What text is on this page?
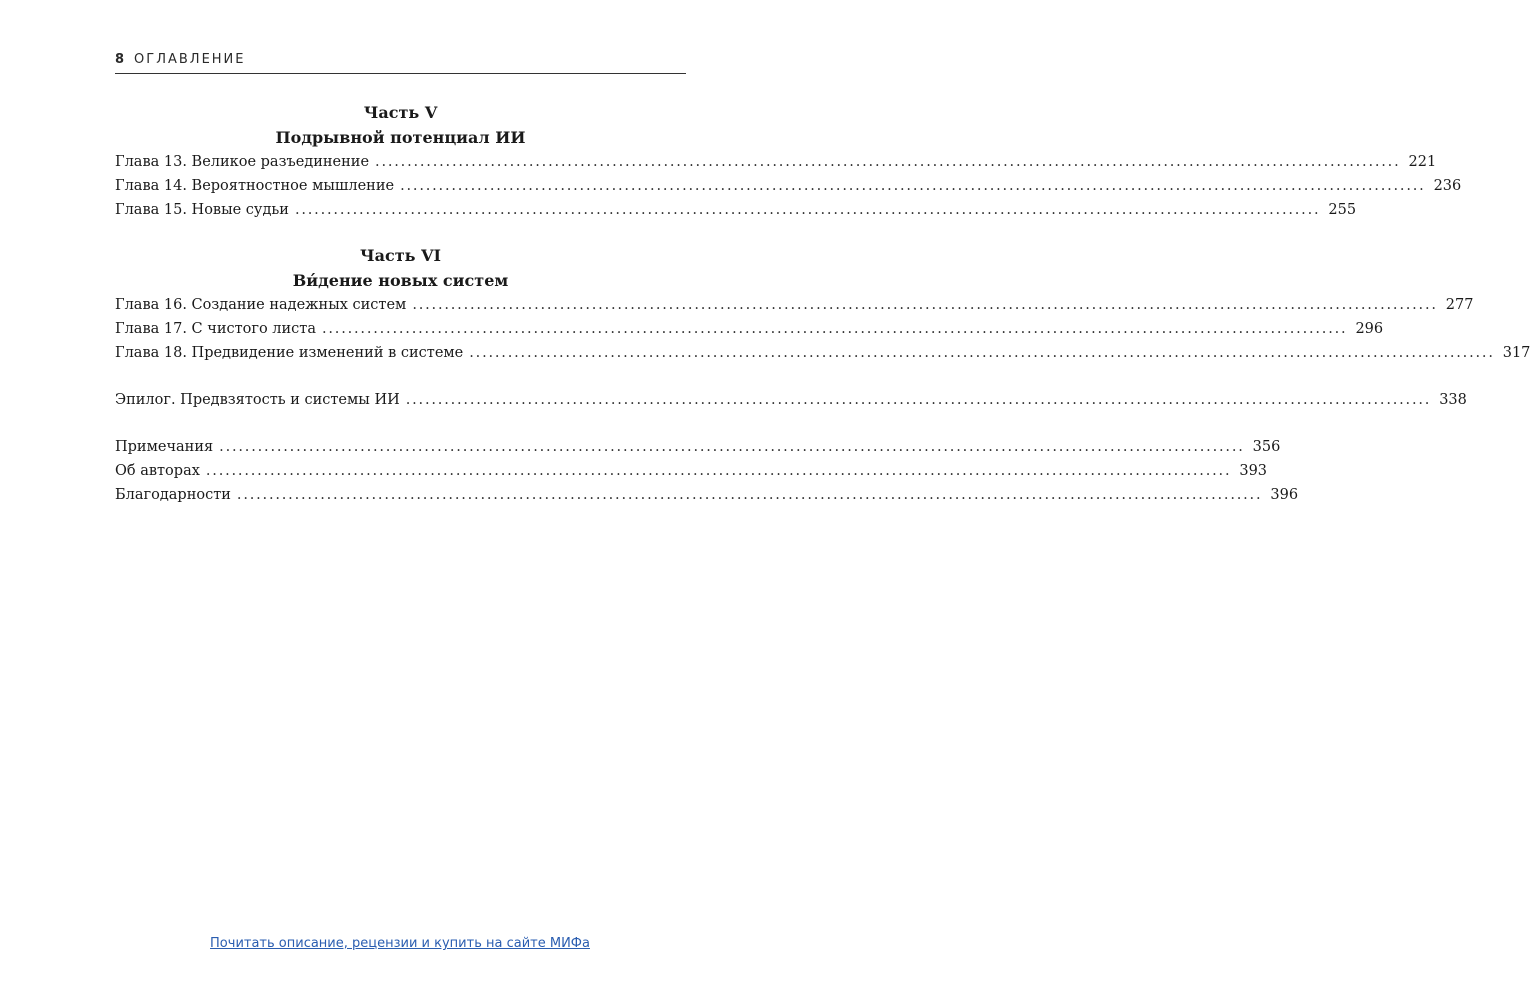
8 ОГЛАВЛЕНИЕ
Часть V
Подрывной потенциал ИИ
Глава 13. Великое разъединение ................................................................................................................................................................ 221
Глава 14. Вероятностное мышление ................................................................................................................................................................ 236
Глава 15. Новые судьи ................................................................................................................................................................ 255
Часть VI
Ви́дение новых систем
Глава 16. Создание надежных систем ................................................................................................................................................................ 277
Глава 17. С чистого листа ................................................................................................................................................................ 296
Глава 18. Предвидение изменений в системе ................................................................................................................................................................ 317
Эпилог. Предвзятость и системы ИИ ................................................................................................................................................................ 338
Примечания ................................................................................................................................................................ 356
Об авторах ................................................................................................................................................................ 393
Благодарности ................................................................................................................................................................ 396
Почитать описание, рецензии и купить на сайте МИФа
